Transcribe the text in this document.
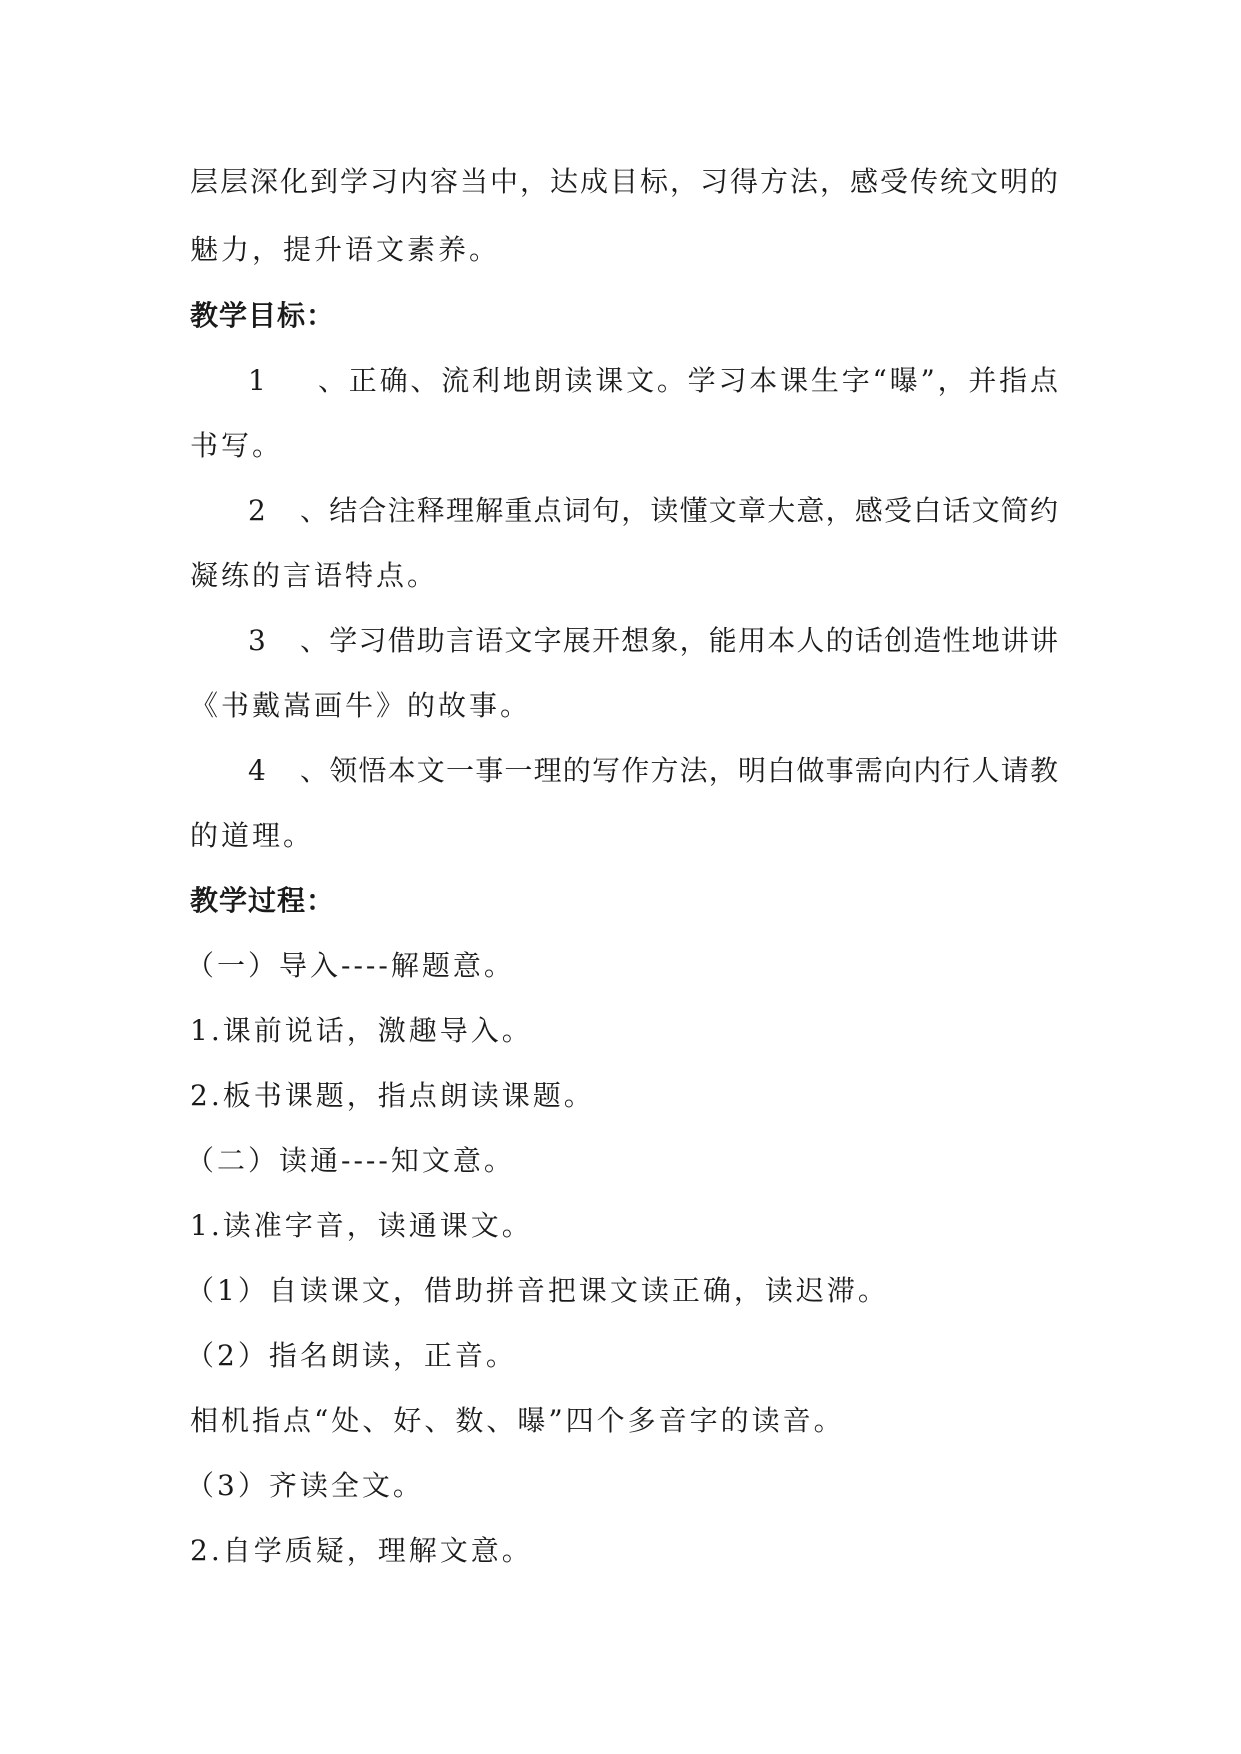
层层深化到学习内容当中，达成目标，习得方法，感受传统文明的
魅力，提升语文素养。
教学目标：
1、正确、流利地朗读课文。学习本课生字“曝”，并指点
书写。
2、结合注释理解重点词句，读懂文章大意，感受白话文简约
凝练的言语特点。
3、学习借助言语文字展开想象，能用本人的话创造性地讲讲
《书戴嵩画牛》的故事。
4、领悟本文一事一理的写作方法，明白做事需向内行人请教
的道理。
教学过程：
（一）导入----解题意。
1.课前说话，激趣导入。
2.板书课题，指点朗读课题。
（二）读通----知文意。
1.读准字音，读通课文。
（1）自读课文，借助拼音把课文读正确，读迟滞。
（2）指名朗读，正音。
相机指点“处、好、数、曝”四个多音字的读音。
（3）齐读全文。
2.自学质疑，理解文意。
